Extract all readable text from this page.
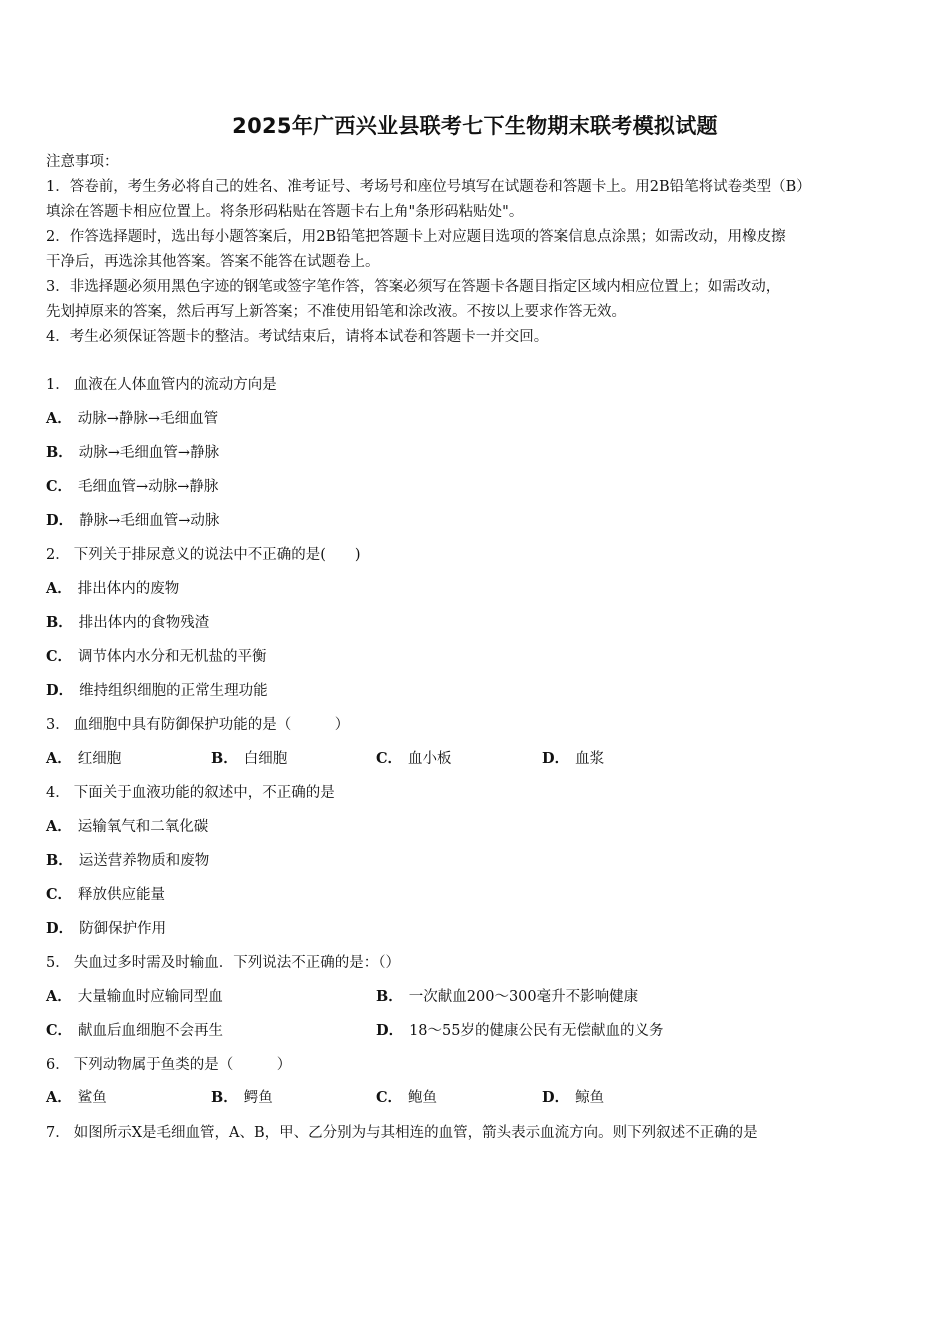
2025年广西兴业县联考七下生物期末联考模拟试题
注意事项：
1．答卷前，考生务必将自己的姓名、准考证号、考场号和座位号填写在试题卷和答题卡上。用2B铅笔将试卷类型（B）
填涂在答题卡相应位置上。将条形码粘贴在答题卡右上角"条形码粘贴处"。
2．作答选择题时，选出每小题答案后，用2B铅笔把答题卡上对应题目选项的答案信息点涂黑；如需改动，用橡皮擦
干净后，再选涂其他答案。答案不能答在试题卷上。
3．非选择题必须用黑色字迹的钢笔或签字笔作答，答案必须写在答题卡各题目指定区域内相应位置上；如需改动，
先划掉原来的答案，然后再写上新答案；不准使用铅笔和涂改液。不按以上要求作答无效。
4．考生必须保证答题卡的整洁。考试结束后，请将本试卷和答题卡一并交回。
1． 血液在人体血管内的流动方向是
A． 动脉→静脉→毛细血管
B． 动脉→毛细血管→静脉
C． 毛细血管→动脉→静脉
D． 静脉→毛细血管→动脉
2． 下列关于排尿意义的说法中不正确的是(　　)
A． 排出体内的废物
B． 排出体内的食物残渣
C． 调节体内水分和无机盐的平衡
D． 维持组织细胞的正常生理功能
3． 血细胞中具有防御保护功能的是（　　　）
A． 红细胞	B． 白细胞	C． 血小板	D． 血浆
4． 下面关于血液功能的叙述中，不正确的是
A． 运输氧气和二氧化碳
B． 运送营养物质和废物
C． 释放供应能量
D． 防御保护作用
5． 失血过多时需及时输血．下列说法不正确的是：（）
A． 大量输血时应输同型血	B． 一次献血200～300毫升不影响健康
C． 献血后血细胞不会再生	D． 18～55岁的健康公民有无偿献血的义务
6． 下列动物属于鱼类的是（　　　）
A． 鲨鱼	B． 鳄鱼	C． 鲍鱼	D． 鲸鱼
7． 如图所示X是毛细血管，A、B，甲、乙分别为与其相连的血管，箭头表示血流方向。则下列叙述不正确的是
